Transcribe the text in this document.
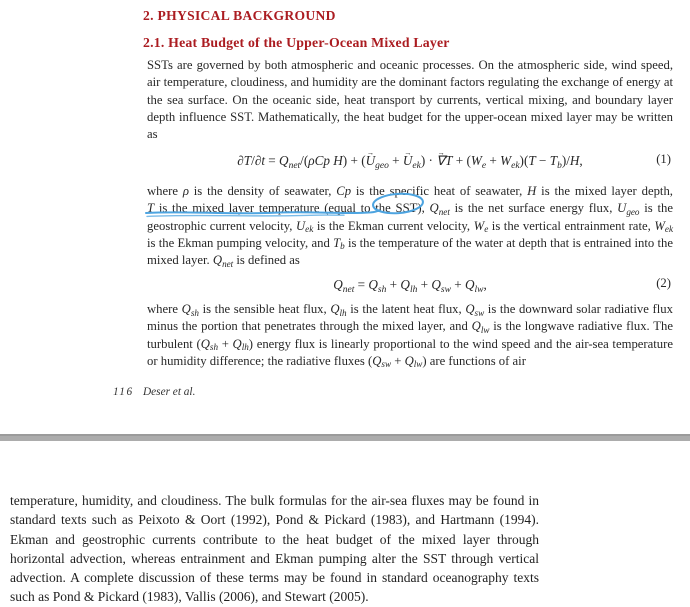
2. PHYSICAL BACKGROUND
2.1. Heat Budget of the Upper-Ocean Mixed Layer
SSTs are governed by both atmospheric and oceanic processes. On the atmospheric side, wind speed, air temperature, cloudiness, and humidity are the dominant factors regulating the exchange of energy at the sea surface. On the oceanic side, heat transport by currents, vertical mixing, and boundary layer depth influence SST. Mathematically, the heat budget for the upper-ocean mixed layer may be written as
$\partial T/\partial t = Q_{net}/(\rho Cp$ H) + (→ $U_{geo}$ + → $U_{ek}$) · → $\nabla T + (W_e + W_{ek})(T - T_b)/H$,	(1)
where ρ is the density of seawater, Cp is the specific heat of seawater, H is the mixed layer depth,
T is the mixed layer temperature (equal to the SST), $Q_{net}$ is the net surface energy flux, $U_{geo}$ is the geostrophic current velocity, $U_{ek}$ is the Ekman current velocity, $W_e$ is the vertical entrainment rate, $W_{ek}$ is the Ekman pumping velocity, and $T_b$ is the temperature of the water at depth that is entrained into the mixed layer. $Q_{net}$ is defined as
$Q_{net} = Q_{sh} + Q_{lh} + Q_{sw} + Q_{lw}$,	(2)
where $Q_{sh}$ is the sensible heat flux, $Q_{lh}$ is the latent heat flux, $Q_{sw}$ is the downward solar radiative flux minus the portion that penetrates through the mixed layer, and $Q_{lw}$ is the longwave radiative flux. The turbulent $(Q_{sh} + Q_{lh})$ energy flux is linearly proportional to the wind speed and the air-sea temperature or humidity difference; the radiative fluxes $(Q_{sw} + Q_{lw})$ are functions of air
116 Deser et al.
temperature, humidity, and cloudiness. The bulk formulas for the air-sea fluxes may be found in standard texts such as Peixoto & Oort (1992), Pond & Pickard (1983), and Hartmann (1994). Ekman and geostrophic currents contribute to the heat budget of the mixed layer through horizontal advection, whereas entrainment and Ekman pumping alter the SST through vertical advection. A complete discussion of these terms may be found in standard oceanography texts such as Pond & Pickard (1983), Vallis (2006), and Stewart (2005).
